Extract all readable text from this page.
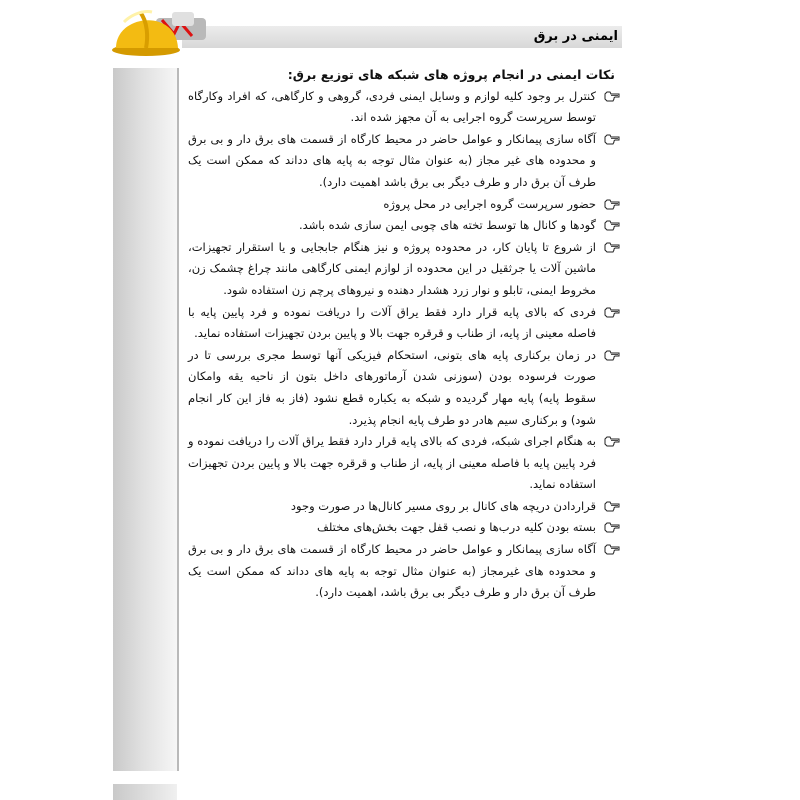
ایمنی در برق

نکات ایمنی در انجام پروژه های شبکه های توزیع برق:

کنترل بر وجود کلیه لوازم و وسایل ایمنی فردی، گروهی و کارگاهی، که افراد وکارگاه توسط سرپرست گروه اجرایی به آن مجهز شده اند.
آگاه سازی پیمانکار و عوامل حاضر در محیط کارگاه از قسمت های برق دار و بی برق و محدوده های غیر مجاز (به عنوان مثال توجه به پایه های دداند که ممکن است یک طرف آن برق دار و طرف دیگر بی برق باشد اهمیت دارد).
حضور سرپرست گروه اجرایی در محل پروژه
گودها و کانال ها توسط تخته های چوبی ایمن سازی شده باشد.
از شروع تا پایان کار، در محدوده پروژه و نیز هنگام جابجایی و یا استقرار تجهیزات، ماشین آلات یا جرثقیل در این محدوده از لوازم ایمنی کارگاهی مانند چراغ چشمک زن، مخروط ایمنی، تابلو و نوار زرد هشدار دهنده و نیروهای پرچم زن استفاده شود.
فردی که بالای پایه قرار دارد فقط یراق آلات را دریافت نموده و فرد پایین پایه با فاصله معینی از پایه، از طناب و قرقره جهت بالا و پایین بردن تجهیزات استفاده نماید.
در زمان برکناری پایه های بتونی، استحکام فیزیکی آنها توسط مجری بررسی تا در صورت فرسوده بودن (سوزنی شدن آرماتورهای داخل بتون از ناحیه یقه وامکان سقوط پایه) پایه مهار گردیده و شبکه به یکباره قطع نشود (فاز به فاز این کار انجام شود) و برکناری سیم هادر دو طرف پایه انجام پذیرد.
به هنگام اجرای شبکه، فردی که بالای پایه قرار دارد فقط یراق آلات را دریافت نموده و فرد پایین پایه با فاصله معینی از پایه، از طناب و قرقره جهت بالا و پایین بردن تجهیزات استفاده نماید.
قراردادن دریچه های کانال بر روی مسیر کانال‌ها در صورت وجود
بسته بودن کلیه درب‌ها و نصب قفل جهت بخش‌های مختلف
آگاه سازی پیمانکار و عوامل حاضر در محیط کارگاه از قسمت های برق دار و بی برق و محدوده های غیرمجاز (به عنوان مثال توجه به پایه های دداند که ممکن است یک طرف آن برق دار و طرف دیگر بی برق باشد، اهمیت دارد).
